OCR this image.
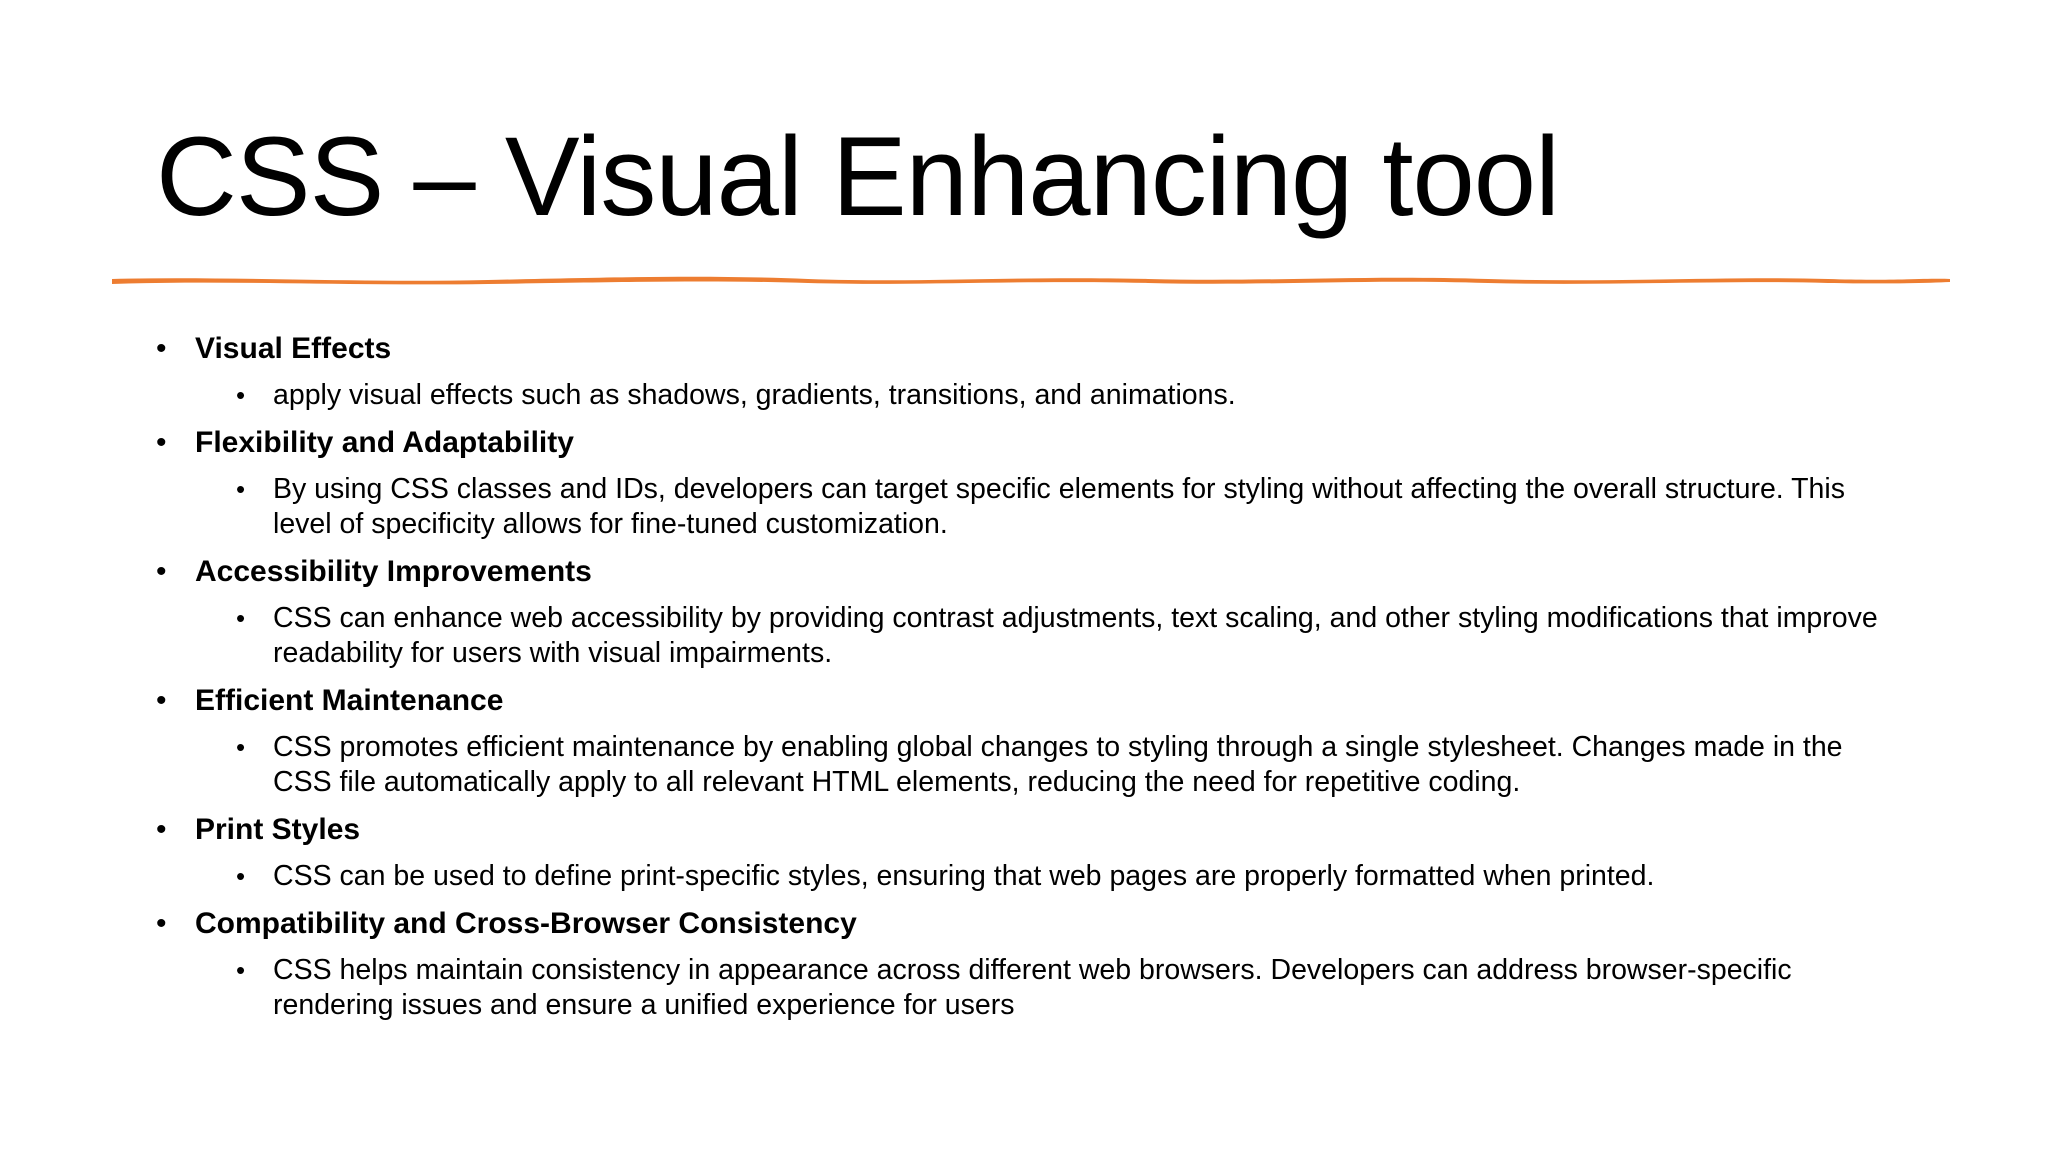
CSS – Visual Enhancing tool
• Visual Effects
• apply visual effects such as shadows, gradients, transitions, and animations.
• Flexibility and Adaptability
• By using CSS classes and IDs, developers can target specific elements for styling without affecting the overall structure. This level of specificity allows for fine-tuned customization.
• Accessibility Improvements
• CSS can enhance web accessibility by providing contrast adjustments, text scaling, and other styling modifications that improve readability for users with visual impairments.
• Efficient Maintenance
• CSS promotes efficient maintenance by enabling global changes to styling through a single stylesheet. Changes made in the CSS file automatically apply to all relevant HTML elements, reducing the need for repetitive coding.
• Print Styles
• CSS can be used to define print-specific styles, ensuring that web pages are properly formatted when printed.
• Compatibility and Cross-Browser Consistency
• CSS helps maintain consistency in appearance across different web browsers. Developers can address browser-specific rendering issues and ensure a unified experience for users
